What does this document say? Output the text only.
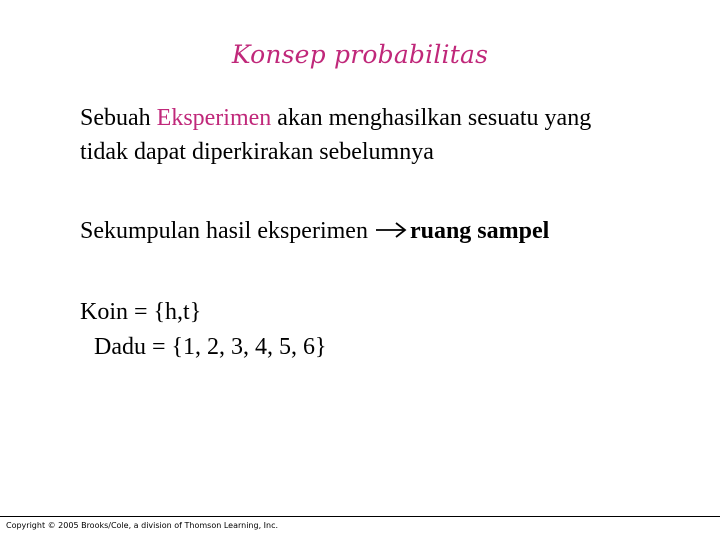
Konsep probabilitas
Sebuah Eksperimen akan menghasilkan sesuatu yang
tidak dapat diperkirakan sebelumnya
Sekumpulan hasil eksperimen ruang sampel
Koin = {h,t}
Dadu = {1, 2, 3, 4, 5, 6}
Copyright © 2005 Brooks/Cole, a division of Thomson Learning, Inc.
